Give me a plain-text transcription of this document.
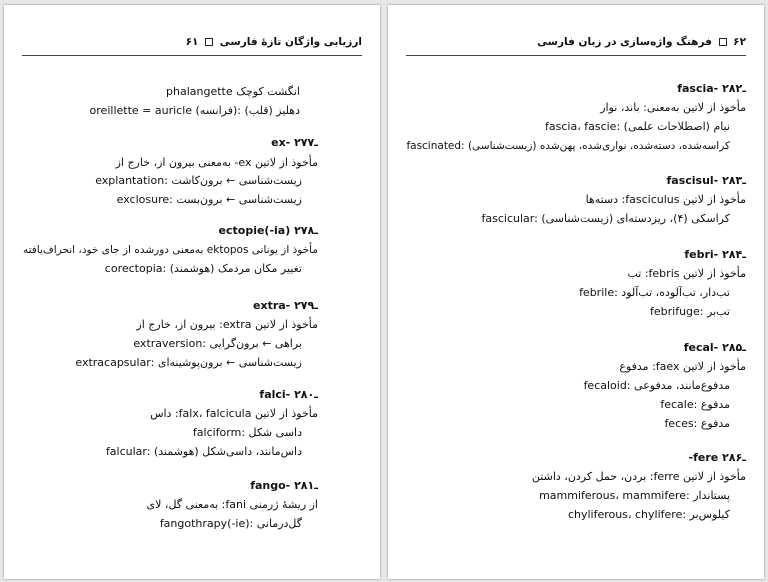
ارزیابی واژگان تازهٔ فارسی  ۶۱
phalangette انگشت کوچک
oreillette = auricle (فرانسه): دهلیز (قلب)
ex- ـ۲۷۷
مأخوذ از لاتین ex- به‌معنی بیرون از، خارج از
explantation: زیست‌شناسی ← برون‌کاشت
exclosure: زیست‌شناسی ← برون‌بست
ectopie(-ia) ـ۲۷۸
مأخوذ از یونانی ektopos به‌معنی دورشده از جای خود، انحراف‌یافته
corectopia: تغییر مکان مردمک (هوشمند)
extra- ـ۲۷۹
مأخوذ از لاتین extra: بیرون از، خارج از
extraversion: براهی ← برون‌گرایی
extracapsular: زیست‌شناسی ← برون‌پوشینه‌ای
falci- ـ۲۸۰
مأخوذ از لاتین falx، falcicula: داس
falciform: داسی شکل
falcular: داس‌مانند، داسی‌شکل (هوشمند)
fango- ـ۲۸۱
از ریشهٔ ژرمنی fani: به‌معنی گل، لای
fangothrapy(-ie): گل‌درمانی
۶۲  فرهنگ واژه‌سازی در زبان فارسی
fascia- ـ۲۸۲
مأخوذ از لاتین به‌معنی: باند، نوار
fascia، fascie: نیام (اصطلاحات علمی)
fascinated: کراسه‌شده، دسته‌شده، نواری‌شده، پهن‌شده (زیست‌شناسی)
fascisul- ـ۲۸۳
مأخوذ از لاتین fasciculus: دسته‌ها
fascicular: کراسکی (۴)، ریزدسته‌ای (زیست‌شناسی)
febri- ـ۲۸۴
مأخوذ از لاتین febris: تب
febrile: تب‌دار، تب‌آلوده، تب‌آلود
febrifuge: تب‌بر
fecal- ـ۲۸۵
مأخوذ از لاتین faex: مدفوع
fecaloid: مدفوع‌مانند، مدفوعی
fecale: مدفوع
feces: مدفوع
-fere ـ۲۸۶
مأخوذ از لاتین ferre: بردن، حمل کردن، داشتن
mammiferous، mammifere: پستاندار
chyliferous، chylifere: کیلوس‌بر
